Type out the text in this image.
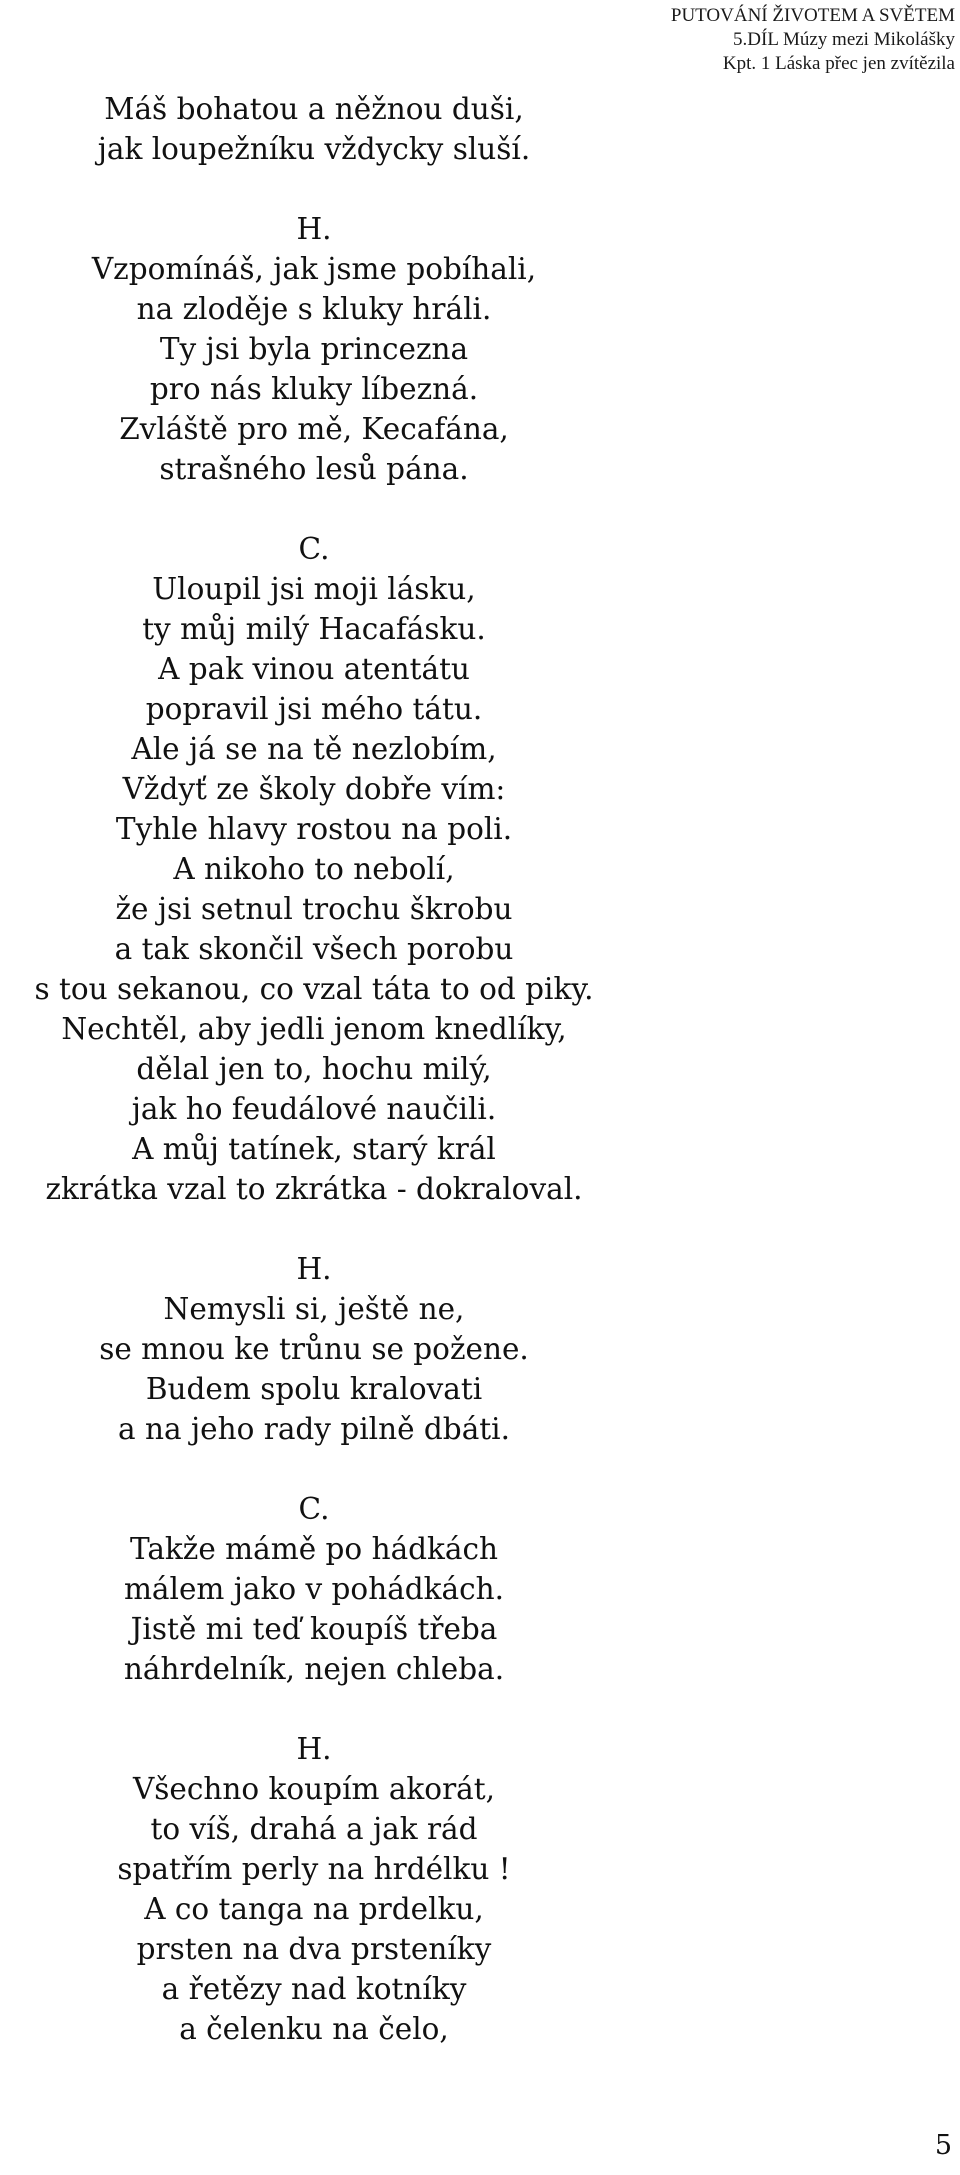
PUTOVÁNÍ ŽIVOTEM A SVĚTEM
5.DÍL Múzy mezi Mikolášky
Kpt. 1 Láska přec jen zvítězila
Máš bohatou a něžnou duši,
jak loupežníku vždycky sluší.
H.
Vzpomínáš, jak jsme pobíhali,
na zloděje s kluky hráli.
Ty jsi byla princezna
pro nás kluky líbezná.
Zvláště pro mě, Kecafána,
strašného lesů pána.
C.
Uloupil jsi moji lásku,
ty můj milý Hacafásku.
A pak vinou atentátu
popravil jsi mého tátu.
Ale já se na tě nezlobím,
Vždyť ze školy dobře vím:
Tyhle hlavy rostou na poli.
A nikoho to nebolí,
že jsi setnul trochu škrobu
a tak skončil všech porobu
s tou sekanou, co vzal táta to od piky.
Nechtěl, aby jedli jenom knedlíky,
dělal jen to, hochu milý,
jak ho feudálové naučili.
A můj tatínek, starý král
zkrátka vzal to zkrátka - dokraloval.
H.
Nemysli si, ještě ne,
se mnou ke trůnu se požene.
Budem spolu kralovati
a na jeho rady pilně dbáti.
C.
Takže mámě po hádkách
málem jako v pohádkách.
Jistě mi teď koupíš třeba
náhrdelník, nejen chleba.
H.
Všechno koupím akorát,
to víš, drahá a jak rád
spatřím perly na hrdélku !
A co tanga na prdelku,
prsten na dva prsteníky
a řetězy nad kotníky
a čelenku na čelo,
5
